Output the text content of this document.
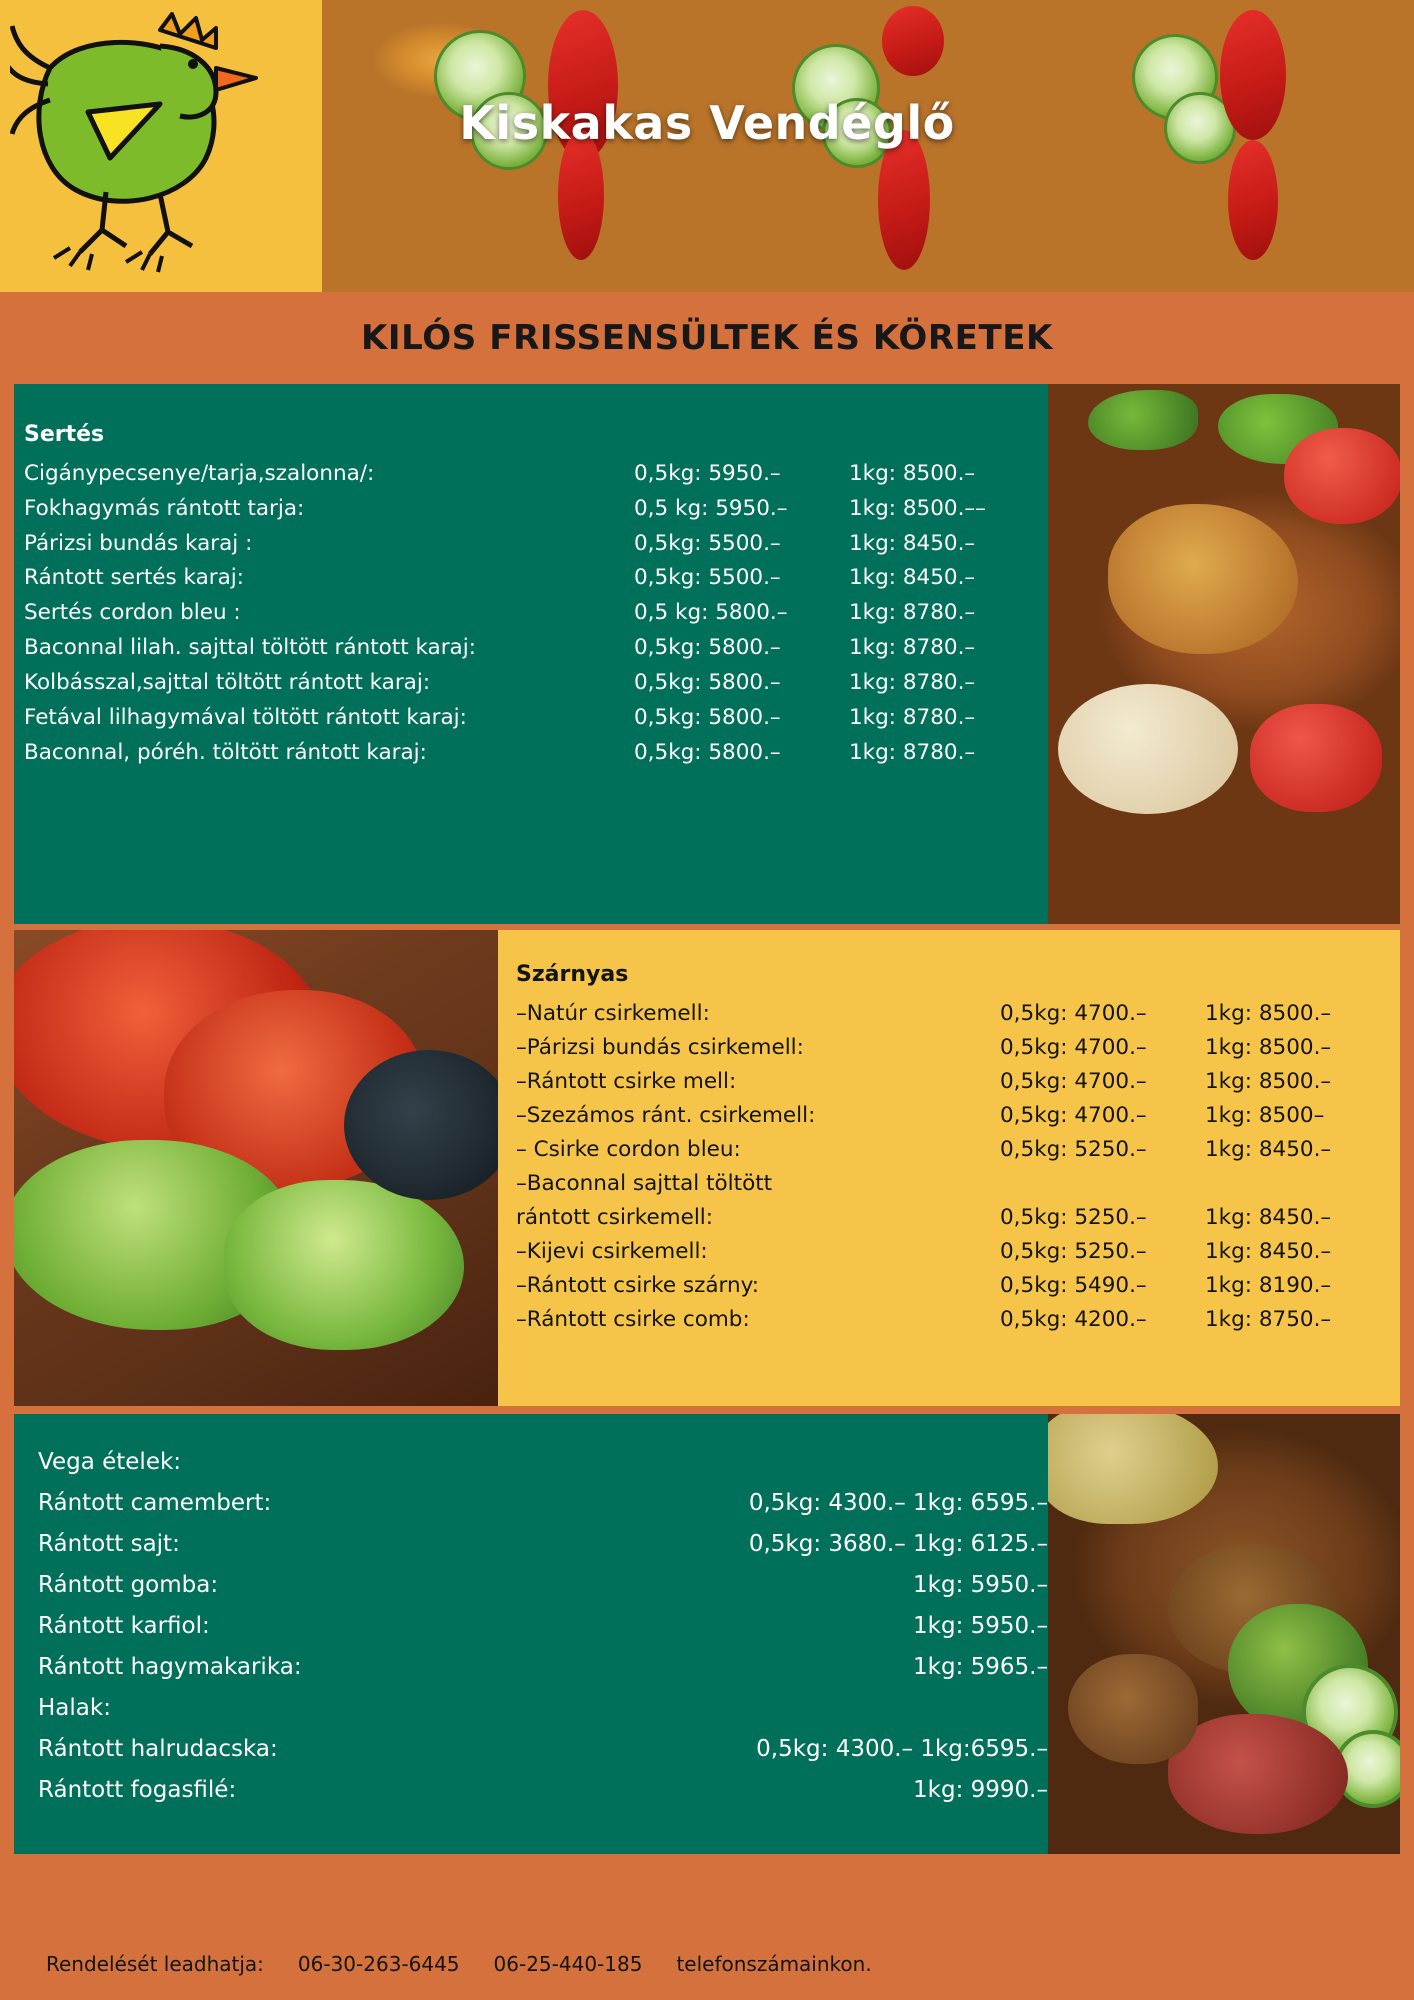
Kiskakas Vendéglő
KILÓS FRISSENSÜLTEK ÉS KÖRETEK
Sertés
Cigánypecsenye/tarja,szalonna/:	0,5kg: 5950.–	1kg: 8500.–
Fokhagymás rántott tarja:	0,5 kg: 5950.–	1kg: 8500.––
Párizsi bundás karaj :	0,5kg: 5500.–	1kg: 8450.–
Rántott sertés karaj:	0,5kg: 5500.–	1kg: 8450.–
Sertés cordon bleu :	0,5 kg: 5800.–	1kg: 8780.–
Baconnal lilah. sajttal töltött rántott karaj:	0,5kg: 5800.–	1kg: 8780.–
Kolbásszal,sajttal töltött rántott karaj:	0,5kg: 5800.–	1kg: 8780.–
Fetával lilhagymával töltött rántott karaj:	0,5kg: 5800.–	1kg: 8780.–
Baconnal, póréh. töltött rántott karaj:	0,5kg: 5800.–	1kg: 8780.–
Szárnyas
–Natúr csirkemell:	0,5kg: 4700.–	1kg: 8500.–
–Párizsi bundás csirkemell:	0,5kg: 4700.–	1kg: 8500.–
–Rántott csirke mell:	0,5kg: 4700.–	1kg: 8500.–
–Szezámos ránt. csirkemell:	0,5kg: 4700.–	1kg: 8500–
– Csirke cordon bleu:	0,5kg: 5250.–	1kg: 8450.–
–Baconnal sajttal töltött
rántott csirkemell:	0,5kg: 5250.–	1kg: 8450.–
–Kijevi csirkemell:	0,5kg: 5250.–	1kg: 8450.–
–Rántott csirke szárny:	0,5kg: 5490.–	1kg: 8190.–
–Rántott csirke comb:	0,5kg: 4200.–	1kg: 8750.–
Vega ételek:
Rántott camembert:	0,5kg: 4300.– 1kg: 6595.–
Rántott sajt:	0,5kg: 3680.– 1kg: 6125.–
Rántott gomba:	1kg: 5950.–
Rántott karfiol:	1kg: 5950.–
Rántott hagymakarika:	1kg: 5965.–
Halak:
Rántott halrudacska:	0,5kg: 4300.– 1kg:6595.–
Rántott fogasfilé:	1kg: 9990.–
Rendelését leadhatja: 06-30-263-6445 06-25-440-185 telefonszámainkon.
